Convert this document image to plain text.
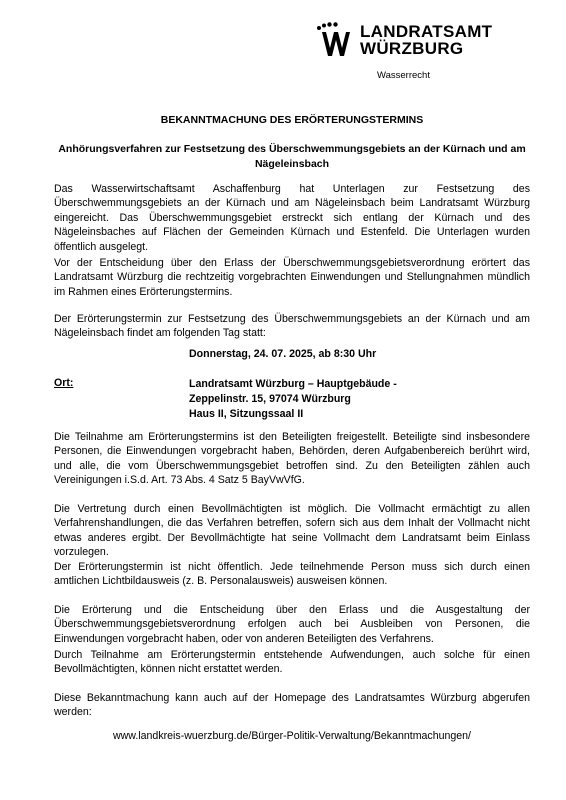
LANDRATSAMT
WÜRZBURG
Wasserrecht
BEKANNTMACHUNG DES ERÖRTERUNGSTERMINS
Anhörungsverfahren zur Festsetzung des Überschwemmungsgebiets an der Kürnach und am Nägeleinsbach

Das Wasserwirtschaftsamt Aschaffenburg hat Unterlagen zur Festsetzung des Überschwemmungsgebiets an der Kürnach und am Nägeleinsbach beim Landratsamt Würzburg eingereicht. Das Überschwemmungsgebiet erstreckt sich entlang der Kürnach und des Nägeleinsbaches auf Flächen der Gemeinden Kürnach und Estenfeld. Die Unterlagen wurden öffentlich ausgelegt.

Vor der Entscheidung über den Erlass der Überschwemmungsgebietsverordnung erörtert das Landratsamt Würzburg die rechtzeitig vorgebrachten Einwendungen und Stellungnahmen mündlich im Rahmen eines Erörterungstermins.

Der Erörterungstermin zur Festsetzung des Überschwemmungsgebiets an der Kürnach und am Nägeleinsbach findet am folgenden Tag statt:

Donnerstag, 24. 07. 2025, ab 8:30 Uhr
Ort:	Landratsamt Würzburg – Hauptgebäude -
Zeppelinstr. 15, 97074 Würzburg
Haus II, Sitzungssaal II

Die Teilnahme am Erörterungstermins ist den Beteiligten freigestellt. Beteiligte sind insbesondere Personen, die Einwendungen vorgebracht haben, Behörden, deren Aufgabenbereich berührt wird, und alle, die vom Überschwemmungsgebiet betroffen sind. Zu den Beteiligten zählen auch Vereinigungen i.S.d. Art. 73 Abs. 4 Satz 5 BayVwVfG.

Die Vertretung durch einen Bevollmächtigten ist möglich. Die Vollmacht ermächtigt zu allen Verfahrenshandlungen, die das Verfahren betreffen, sofern sich aus dem Inhalt der Vollmacht nicht etwas anderes ergibt. Der Bevollmächtigte hat seine Vollmacht dem Landratsamt beim Einlass vorzulegen.

Der Erörterungstermin ist nicht öffentlich. Jede teilnehmende Person muss sich durch einen amtlichen Lichtbildausweis (z. B. Personalausweis) ausweisen können.

Die Erörterung und die Entscheidung über den Erlass und die Ausgestaltung der Überschwemmungsgebietsverordnung erfolgen auch bei Ausbleiben von Personen, die Einwendungen vorgebracht haben, oder von anderen Beteiligten des Verfahrens.

Durch Teilnahme am Erörterungstermin entstehende Aufwendungen, auch solche für einen Bevollmächtigten, können nicht erstattet werden.

Diese Bekanntmachung kann auch auf der Homepage des Landratsamtes Würzburg abgerufen werden:

www.landkreis-wuerzburg.de/Bürger-Politik-Verwaltung/Bekanntmachungen/
